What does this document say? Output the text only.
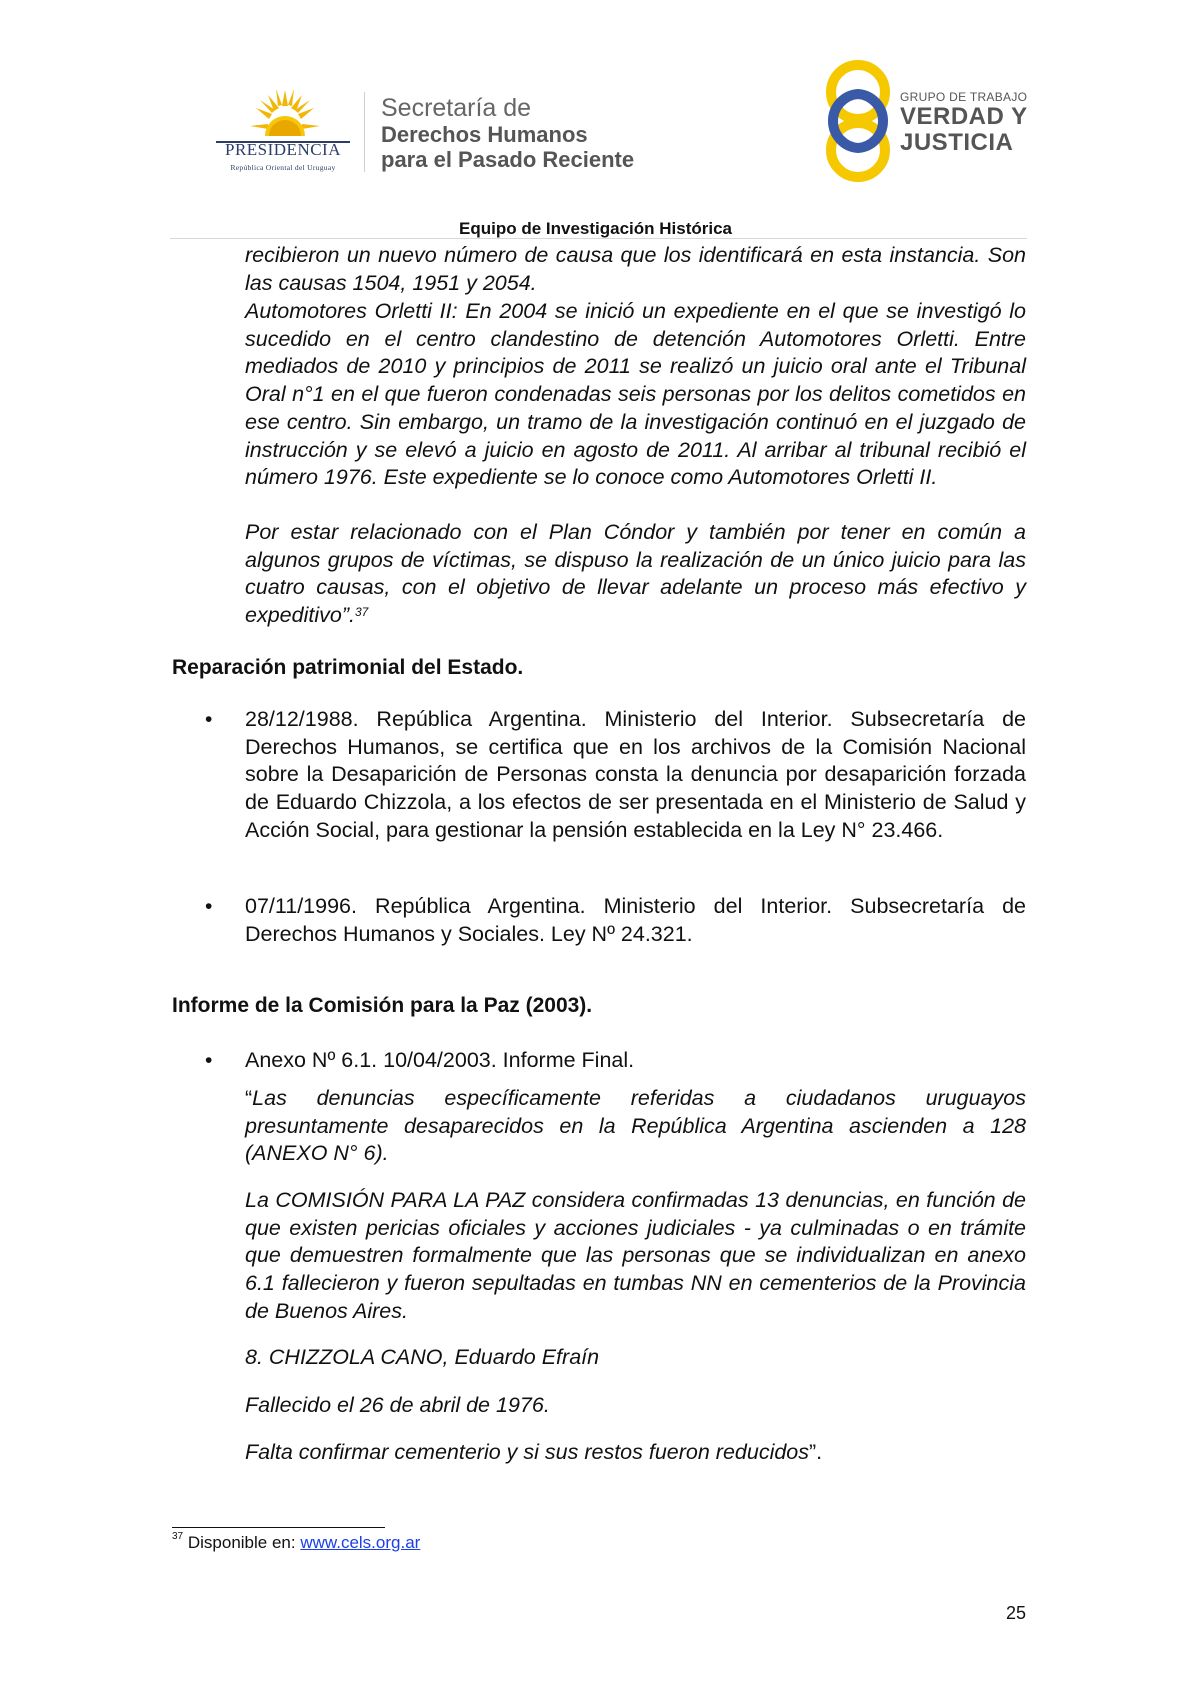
PRESIDENCIA
República Oriental del Uruguay
Secretaría de
Derechos Humanos
para el Pasado Reciente
GRUPO DE TRABAJO
VERDAD Y
JUSTICIA
Equipo de Investigación Histórica
recibieron un nuevo número de causa que los identificará en esta instancia. Son las causas 1504, 1951 y 2054.
Automotores Orletti II: En 2004 se inició un expediente en el que se investigó lo sucedido en el centro clandestino de detención Automotores Orletti. Entre mediados de 2010 y principios de 2011 se realizó un juicio oral ante el Tribunal Oral n°1 en el que fueron condenadas seis personas por los delitos cometidos en ese centro. Sin embargo, un tramo de la investigación continuó en el juzgado de instrucción y se elevó a juicio en agosto de 2011. Al arribar al tribunal recibió el número 1976. Este expediente se lo conoce como Automotores Orletti II.
Por estar relacionado con el Plan Cóndor y también por tener en común a algunos grupos de víctimas, se dispuso la realización de un único juicio para las cuatro causas, con el objetivo de llevar adelante un proceso más efectivo y expeditivo”.$^{37}$
Reparación patrimonial del Estado.
• 28/12/1988. República Argentina. Ministerio del Interior. Subsecretaría de Derechos Humanos, se certifica que en los archivos de la Comisión Nacional sobre la Desaparición de Personas consta la denuncia por desaparición forzada de Eduardo Chizzola, a los efectos de ser presentada en el Ministerio de Salud y Acción Social, para gestionar la pensión establecida en la Ley N° 23.466.
• 07/11/1996. República Argentina. Ministerio del Interior. Subsecretaría de Derechos Humanos y Sociales. Ley Nº 24.321.
Informe de la Comisión para la Paz (2003).
• Anexo Nº 6.1. 10/04/2003. Informe Final.
“Las denuncias específicamente referidas a ciudadanos uruguayos presuntamente desaparecidos en la República Argentina ascienden a 128 (ANEXO N° 6).
La COMISIÓN PARA LA PAZ considera confirmadas 13 denuncias, en función de que existen pericias oficiales y acciones judiciales - ya culminadas o en trámite que demuestren formalmente que las personas que se individualizan en anexo 6.1 fallecieron y fueron sepultadas en tumbas NN en cementerios de la Provincia de Buenos Aires.
8. CHIZZOLA CANO, Eduardo Efraín
Fallecido el 26 de abril de 1976.
Falta confirmar cementerio y si sus restos fueron reducidos”.
$^{37}$ Disponible en: www.cels.org.ar
25
